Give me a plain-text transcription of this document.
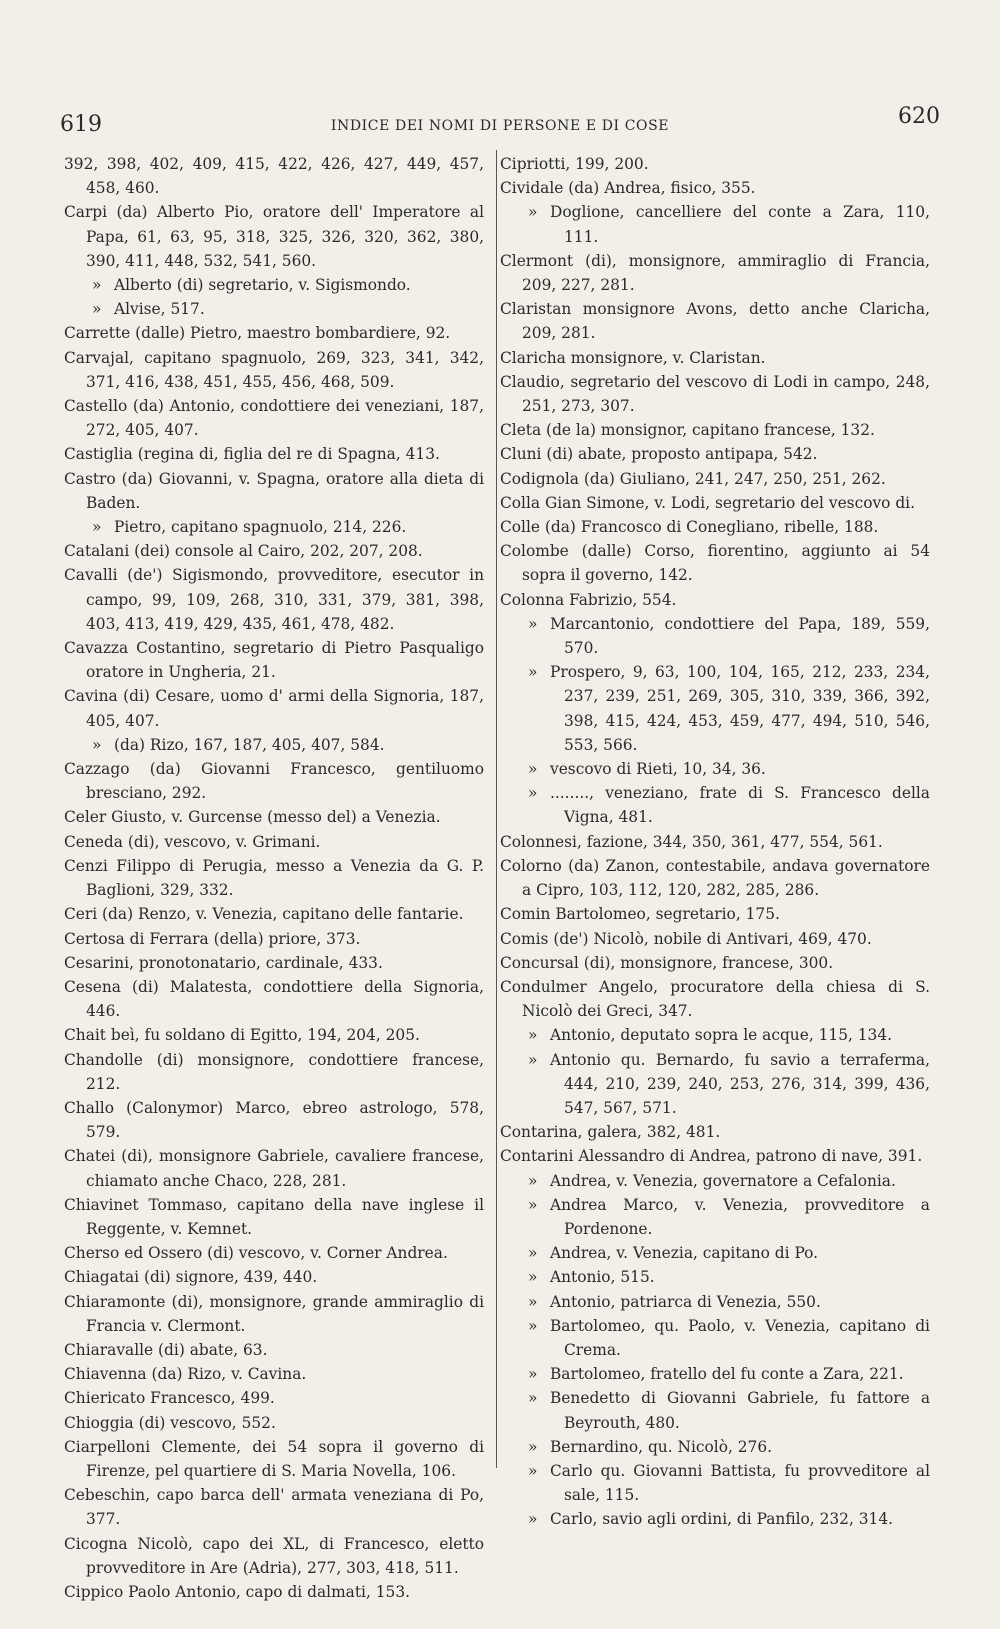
619	INDICE DEI NOMI DI PERSONE E DI COSE	620
392, 398, 402, 409, 415, 422, 426, 427, 449, 457, 458, 460.
Carpi (da) Alberto Pio, oratore dell' Imperatore al Papa, 61, 63, 95, 318, 325, 326, 320, 362, 380, 390, 411, 448, 532, 541, 560.
» Alberto (di) segretario, v. Sigismondo.
» Alvise, 517.
Carrette (dalle) Pietro, maestro bombardiere, 92.
Carvajal, capitano spagnuolo, 269, 323, 341, 342, 371, 416, 438, 451, 455, 456, 468, 509.
Castello (da) Antonio, condottiere dei veneziani, 187, 272, 405, 407.
Castiglia (regina di, figlia del re di Spagna, 413.
Castro (da) Giovanni, v. Spagna, oratore alla dieta di Baden.
» Pietro, capitano spagnuolo, 214, 226.
Catalani (dei) console al Cairo, 202, 207, 208.
Cavalli (de') Sigismondo, provveditore, esecutor in campo, 99, 109, 268, 310, 331, 379, 381, 398, 403, 413, 419, 429, 435, 461, 478, 482.
Cavazza Costantino, segretario di Pietro Pasqualigo oratore in Ungheria, 21.
Cavina (di) Cesare, uomo d' armi della Signoria, 187, 405, 407.
» (da) Rizo, 167, 187, 405, 407, 584.
Cazzago (da) Giovanni Francesco, gentiluomo bresciano, 292.
Celer Giusto, v. Gurcense (messo del) a Venezia.
Ceneda (di), vescovo, v. Grimani.
Cenzi Filippo di Perugia, messo a Venezia da G. P. Baglioni, 329, 332.
Ceri (da) Renzo, v. Venezia, capitano delle fantarie.
Certosa di Ferrara (della) priore, 373.
Cesarini, pronotonatario, cardinale, 433.
Cesena (di) Malatesta, condottiere della Signoria, 446.
Chait beì, fu soldano di Egitto, 194, 204, 205.
Chandolle (di) monsignore, condottiere francese, 212.
Challo (Calonymor) Marco, ebreo astrologo, 578, 579.
Chatei (di), monsignore Gabriele, cavaliere francese, chiamato anche Chaco, 228, 281.
Chiavinet Tommaso, capitano della nave inglese il Reggente, v. Kemnet.
Cherso ed Ossero (di) vescovo, v. Corner Andrea.
Chiagatai (di) signore, 439, 440.
Chiaramonte (di), monsignore, grande ammiraglio di Francia v. Clermont.
Chiaravalle (di) abate, 63.
Chiavenna (da) Rizo, v. Cavina.
Chiericato Francesco, 499.
Chioggia (di) vescovo, 552.
Ciarpelloni Clemente, dei 54 sopra il governo di Firenze, pel quartiere di S. Maria Novella, 106.
Cebeschin, capo barca dell' armata veneziana di Po, 377.
Cicogna Nicolò, capo dei XL, di Francesco, eletto provveditore in Are (Adria), 277, 303, 418, 511.
Cippico Paolo Antonio, capo di dalmati, 153.
Cipriotti, 199, 200.
Cividale (da) Andrea, fisico, 355.
» Doglione, cancelliere del conte a Zara, 110, 111.
Clermont (di), monsignore, ammiraglio di Francia, 209, 227, 281.
Claristan monsignore Avons, detto anche Claricha, 209, 281.
Claricha monsignore, v. Claristan.
Claudio, segretario del vescovo di Lodi in campo, 248, 251, 273, 307.
Cleta (de la) monsignor, capitano francese, 132.
Cluni (di) abate, proposto antipapa, 542.
Codignola (da) Giuliano, 241, 247, 250, 251, 262.
Colla Gian Simone, v. Lodi, segretario del vescovo di.
Colle (da) Francosco di Conegliano, ribelle, 188.
Colombe (dalle) Corso, fiorentino, aggiunto ai 54 sopra il governo, 142.
Colonna Fabrizio, 554.
» Marcantonio, condottiere del Papa, 189, 559, 570.
» Prospero, 9, 63, 100, 104, 165, 212, 233, 234, 237, 239, 251, 269, 305, 310, 339, 366, 392, 398, 415, 424, 453, 459, 477, 494, 510, 546, 553, 566.
» vescovo di Rieti, 10, 34, 36.
» ........, veneziano, frate di S. Francesco della Vigna, 481.
Colonnesi, fazione, 344, 350, 361, 477, 554, 561.
Colorno (da) Zanon, contestabile, andava governatore a Cipro, 103, 112, 120, 282, 285, 286.
Comin Bartolomeo, segretario, 175.
Comis (de') Nicolò, nobile di Antivari, 469, 470.
Concursal (di), monsignore, francese, 300.
Condulmer Angelo, procuratore della chiesa di S. Nicolò dei Greci, 347.
» Antonio, deputato sopra le acque, 115, 134.
» Antonio qu. Bernardo, fu savio a terraferma, 444, 210, 239, 240, 253, 276, 314, 399, 436, 547, 567, 571.
Contarina, galera, 382, 481.
Contarini Alessandro di Andrea, patrono di nave, 391.
» Andrea, v. Venezia, governatore a Cefalonia.
» Andrea Marco, v. Venezia, provveditore a Pordenone.
» Andrea, v. Venezia, capitano di Po.
» Antonio, 515.
» Antonio, patriarca di Venezia, 550.
» Bartolomeo, qu. Paolo, v. Venezia, capitano di Crema.
» Bartolomeo, fratello del fu conte a Zara, 221.
» Benedetto di Giovanni Gabriele, fu fattore a Beyrouth, 480.
» Bernardino, qu. Nicolò, 276.
» Carlo qu. Giovanni Battista, fu provveditore al sale, 115.
» Carlo, savio agli ordini, di Panfilo, 232, 314.
